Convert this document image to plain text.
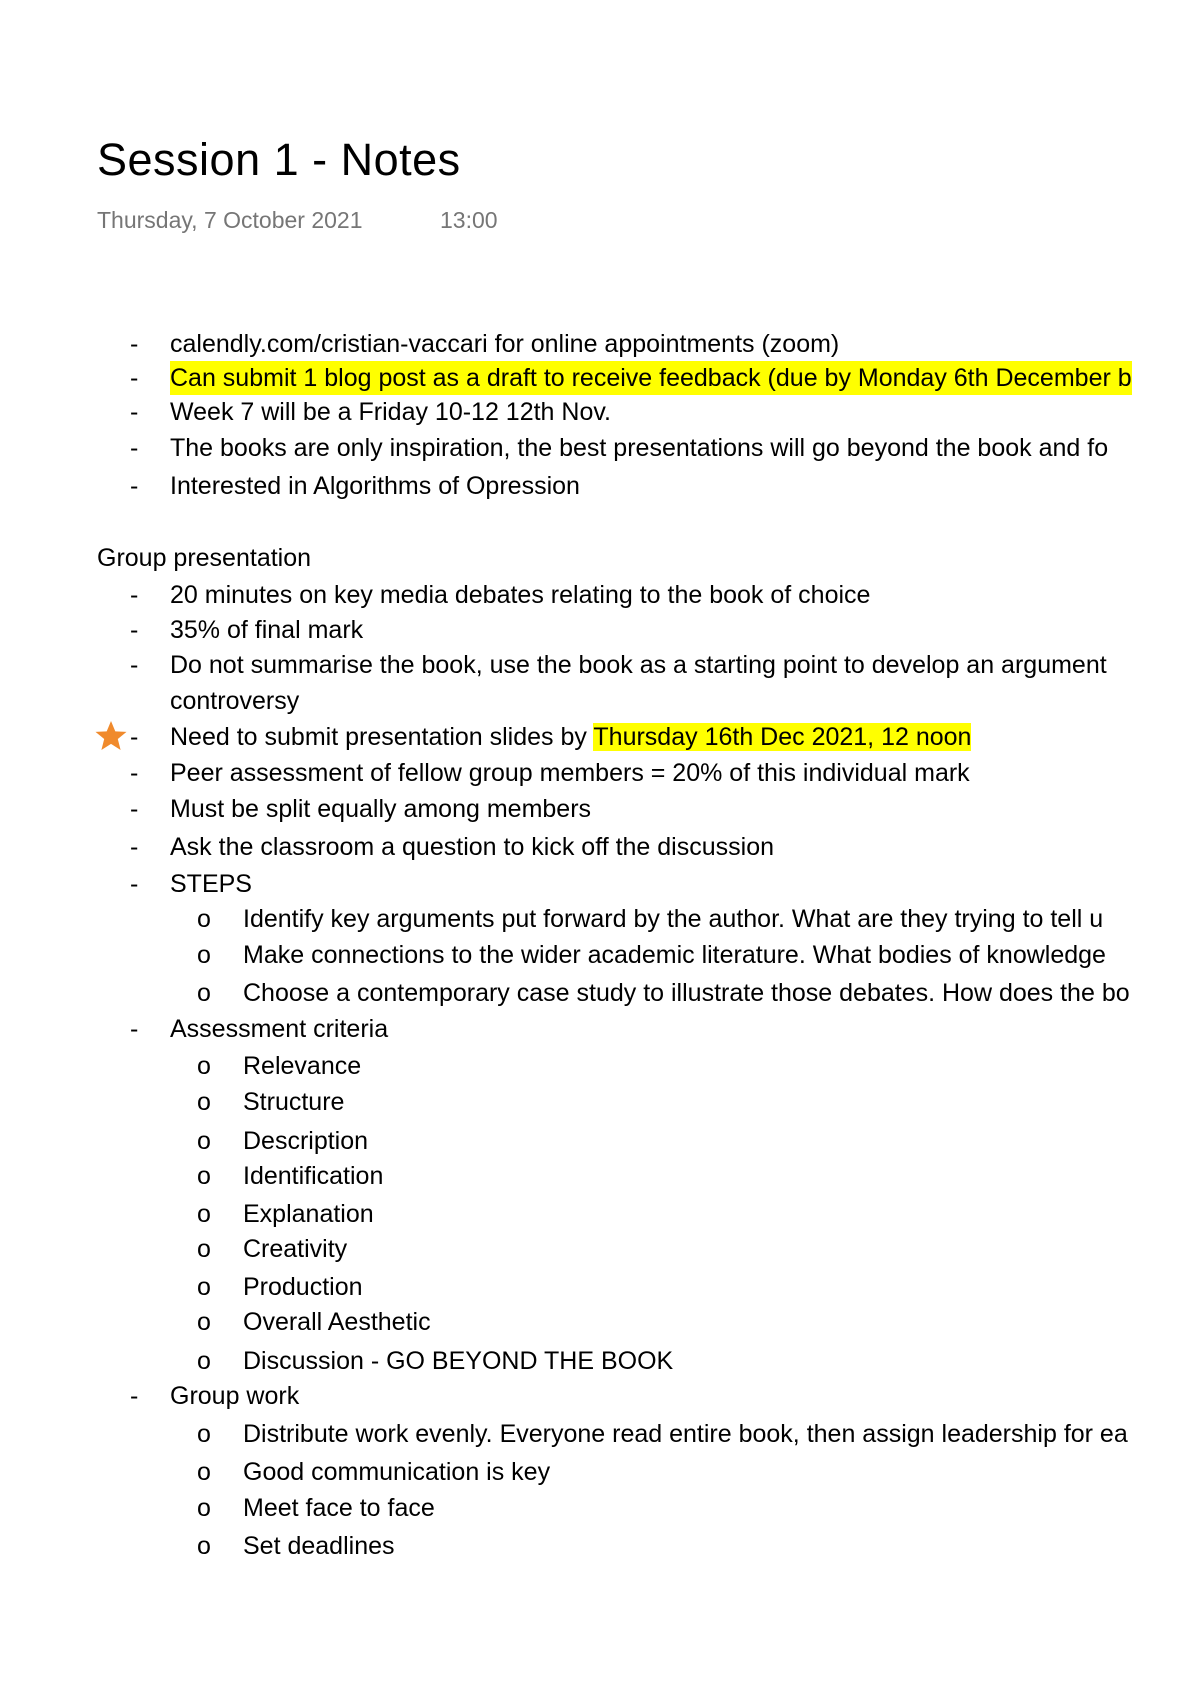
Session 1 - Notes
Thursday, 7 October 2021	13:00
- calendly.com/cristian-vaccari for online appointments (zoom)
- Can submit 1 blog post as a draft to receive feedback (due by Monday 6th December b
- Week 7 will be a Friday 10-12 12th Nov.
- The books are only inspiration, the best presentations will go beyond the book and fo
- Interested in Algorithms of Opression
Group presentation
- 20 minutes on key media debates relating to the book of choice
- 35% of final mark
- Do not summarise the book, use the book as a starting point to develop an argument
controversy
- Need to submit presentation slides by Thursday 16th Dec 2021, 12 noon
- Peer assessment of fellow group members = 20% of this individual mark
- Must be split equally among members
- Ask the classroom a question to kick off the discussion
- STEPS
o Identify key arguments put forward by the author. What are they trying to tell u
o Make connections to the wider academic literature. What bodies of knowledge
o Choose a contemporary case study to illustrate those debates. How does the bo
- Assessment criteria
o Relevance
o Structure
o Description
o Identification
o Explanation
o Creativity
o Production
o Overall Aesthetic
o Discussion - GO BEYOND THE BOOK
- Group work
o Distribute work evenly. Everyone read entire book, then assign leadership for ea
o Good communication is key
o Meet face to face
o Set deadlines
